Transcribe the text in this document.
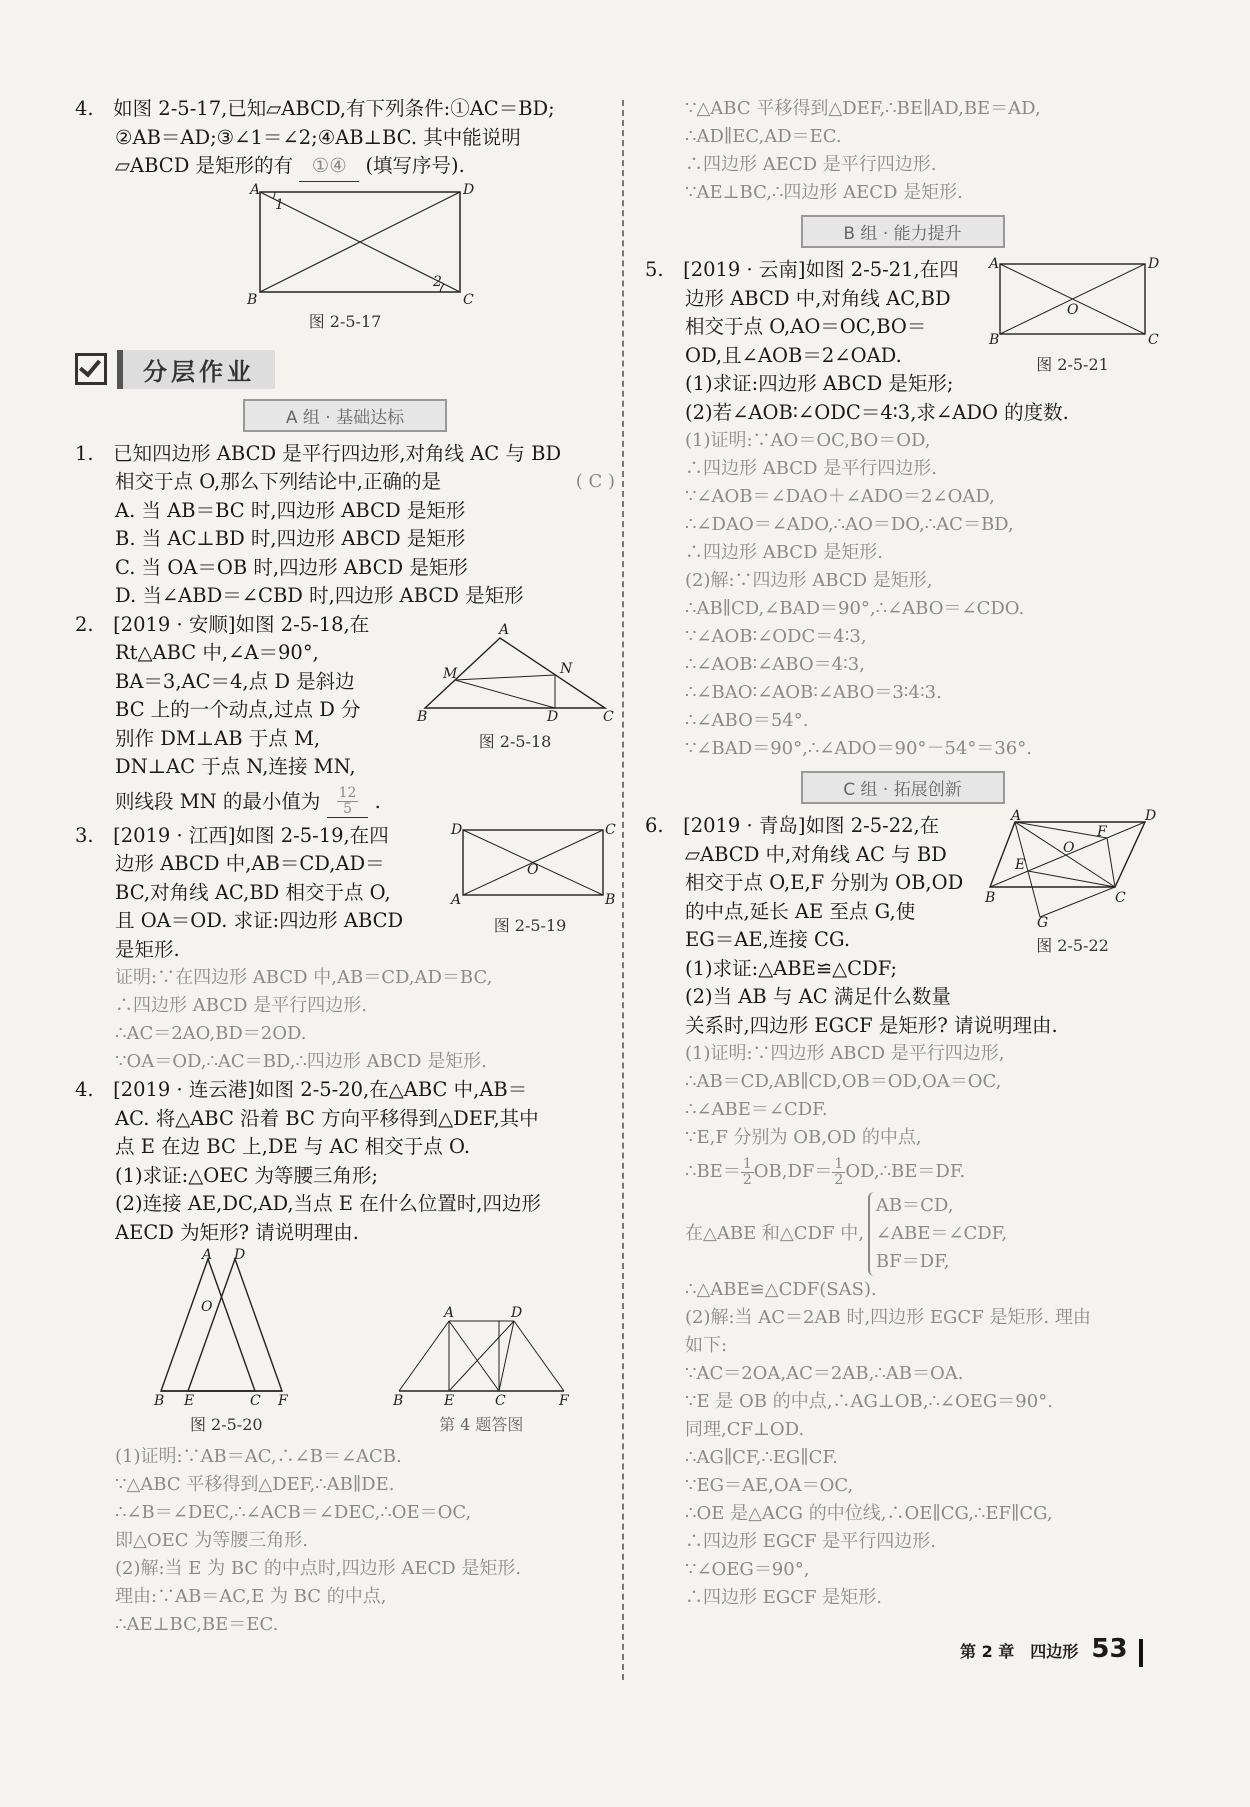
4.　如图 2-5-17,已知▱ABCD,有下列条件:①AC＝BD;

②AB＝AD;③∠1＝∠2;④AB⊥BC. 其中能说明

▱ABCD 是矩形的有 ①④ (填写序号).

A	D
B	C
1
2
图 2-5-17
分层作业
A 组 · 基础达标

1.　已知四边形 ABCD 是平行四边形,对角线 AC 与 BD

相交于点 O,那么下列结论中,正确的是	( C )

A. 当 AB＝BC 时,四边形 ABCD 是矩形

B. 当 AC⊥BD 时,四边形 ABCD 是矩形

C. 当 OA＝OB 时,四边形 ABCD 是矩形

D. 当∠ABD＝∠CBD 时,四边形 ABCD 是矩形

A
B	C
D
M	N
图 2-5-18

2.　[2019 · 安顺]如图 2-5-18,在

Rt△ABC 中,∠A＝90°,

BA＝3,AC＝4,点 D 是斜边

BC 上的一个动点,过点 D 分

别作 DM⊥AB 于点 M,

DN⊥AC 于点 N,连接 MN,

则线段 MN 的最小值为 $\frac{12}{5}$ .

D	C
A	B
O
图 2-5-19

3.　[2019 · 江西]如图 2-5-19,在四

边形 ABCD 中,AB＝CD,AD＝

BC,对角线 AC,BD 相交于点 O,

且 OA＝OD. 求证:四边形 ABCD

是矩形.

证明:∵在四边形 ABCD 中,AB＝CD,AD＝BC,

∴四边形 ABCD 是平行四边形.

∴AC＝2AO,BD＝2OD.

∵OA＝OD,∴AC＝BD,∴四边形 ABCD 是矩形.

4.　[2019 · 连云港]如图 2-5-20,在△ABC 中,AB＝

AC. 将△ABC 沿着 BC 方向平移得到△DEF,其中

点 E 在边 BC 上,DE 与 AC 相交于点 O.

(1)求证:△OEC 为等腰三角形;

(2)连接 AE,DC,AD,当点 E 在什么位置时,四边形

AECD 为矩形? 请说明理由.

A D
O
B E	C F
图 2-5-20
A	D
B	E	C	F
第 4 题答图

(1)证明:∵AB＝AC,∴∠B＝∠ACB.

∵△ABC 平移得到△DEF,∴AB∥DE.

∴∠B＝∠DEC,∴∠ACB＝∠DEC,∴OE＝OC,

即△OEC 为等腰三角形.

(2)解:当 E 为 BC 的中点时,四边形 AECD 是矩形.

理由:∵AB＝AC,E 为 BC 的中点,

∴AE⊥BC,BE＝EC.

∵△ABC 平移得到△DEF,∴BE∥AD,BE＝AD,

∴AD∥EC,AD＝EC.

∴四边形 AECD 是平行四边形.

∵AE⊥BC,∴四边形 AECD 是矩形.

B 组 · 能力提升
A	D
B	C
O
图 2-5-21

5.　[2019 · 云南]如图 2-5-21,在四

边形 ABCD 中,对角线 AC,BD

相交于点 O,AO＝OC,BO＝

OD,且∠AOB＝2∠OAD.

(1)求证:四边形 ABCD 是矩形;

(2)若∠AOB∶∠ODC＝4∶3,求∠ADO 的度数.

(1)证明:∵AO＝OC,BO＝OD,

∴四边形 ABCD 是平行四边形.

∵∠AOB＝∠DAO＋∠ADO＝2∠OAD,

∴∠DAO＝∠ADO,∴AO＝DO,∴AC＝BD,

∴四边形 ABCD 是矩形.

(2)解:∵四边形 ABCD 是矩形,

∴AB∥CD,∠BAD＝90°,∴∠ABO＝∠CDO.

∵∠AOB∶∠ODC＝4∶3,

∴∠AOB∶∠ABO＝4∶3,

∴∠BAO∶∠AOB∶∠ABO＝3∶4∶3.

∴∠ABO＝54°.

∵∠BAD＝90°,∴∠ADO＝90°－54°＝36°.

C 组 · 拓展创新
A	D
B	C
O
E
F
G
图 2-5-22

6.　[2019 · 青岛]如图 2-5-22,在

▱ABCD 中,对角线 AC 与 BD

相交于点 O,E,F 分别为 OB,OD

的中点,延长 AE 至点 G,使

EG＝AE,连接 CG.

(1)求证:△ABE≌△CDF;

(2)当 AB 与 AC 满足什么数量

关系时,四边形 EGCF 是矩形? 请说明理由.

(1)证明:∵四边形 ABCD 是平行四边形,

∴AB＝CD,AB∥CD,OB＝OD,OA＝OC,

∴∠ABE＝∠CDF.

∵E,F 分别为 OB,OD 的中点,

∴BE＝ $\frac{1}{2}OB,DF=$ $\frac{1}{2}OD,\therefore BE=DF$.

在△ABE 和△CDF 中,
AB＝CD,
∠ABE＝∠CDF,
BF＝DF,

∴△ABE≌△CDF(SAS).

(2)解:当 AC＝2AB 时,四边形 EGCF 是矩形. 理由

如下:

∵AC＝2OA,AC＝2AB,∴AB＝OA.

∵E 是 OB 的中点,∴AG⊥OB,∴∠OEG＝90°.

同理,CF⊥OD.

∴AG∥CF,∴EG∥CF.

∵EG＝AE,OA＝OC,

∴OE 是△ACG 的中位线,∴OE∥CG,∴EF∥CG,

∴四边形 EGCF 是平行四边形.

∵∠OEG＝90°,

∴四边形 EGCF 是矩形.

第 2 章　四边形 53
